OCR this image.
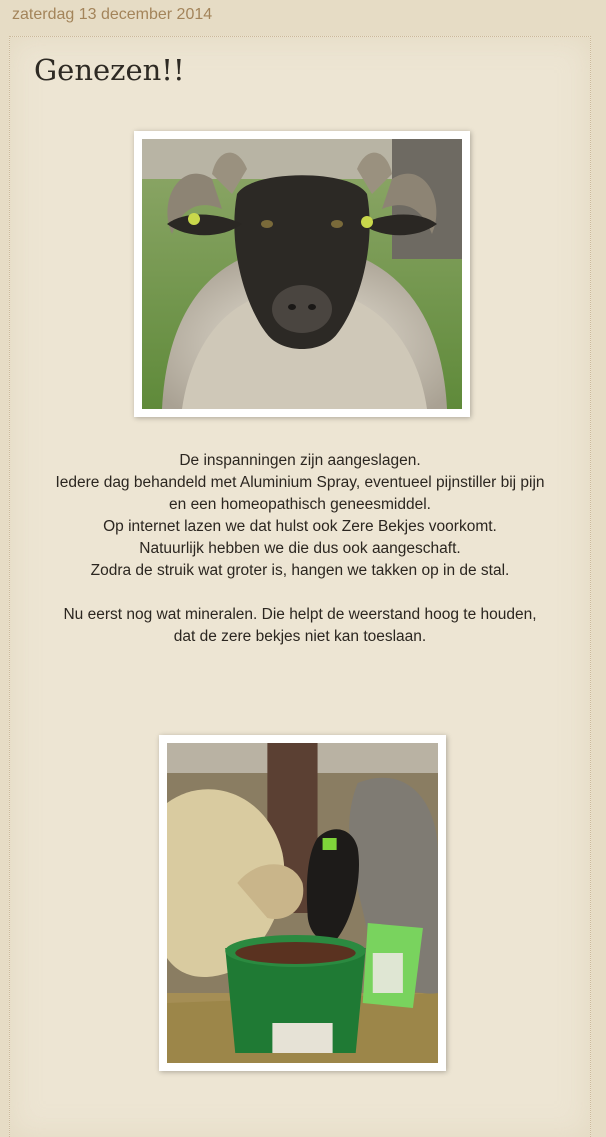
zaterdag 13 december 2014
Genezen!!

De inspanningen zijn aangeslagen.

Iedere dag behandeld met Aluminium Spray, eventueel pijnstiller bij pijn en een homeopathisch geneesmiddel.

Op internet lazen we dat hulst ook Zere Bekjes voorkomt.

Natuurlijk hebben we die dus ook aangeschaft.

Zodra de struik wat groter is, hangen we takken op in de stal.

Nu eerst nog wat mineralen. Die helpt de weerstand hoog te houden,

dat de zere bekjes niet kan toeslaan.
